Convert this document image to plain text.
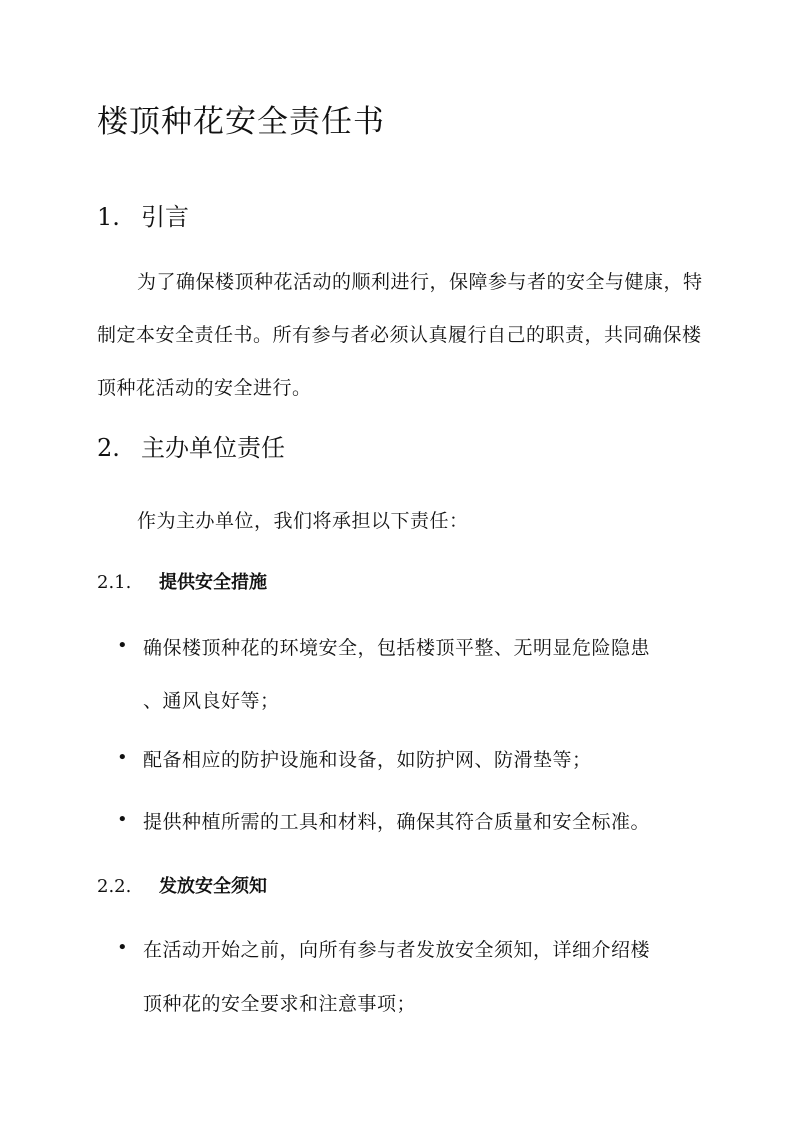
楼顶种花安全责任书
1. 引言

为了确保楼顶种花活动的顺利进行，保障参与者的安全与健康，特制定本安全责任书。所有参与者必须认真履行自己的职责，共同确保楼顶种花活动的安全进行。

2. 主办单位责任

作为主办单位，我们将承担以下责任：

2.1. 提供安全措施
• 确保楼顶种花的环境安全，包括楼顶平整、无明显危险隐患

、通风良好等；

• 配备相应的防护设施和设备，如防护网、防滑垫等；

• 提供种植所需的工具和材料，确保其符合质量和安全标准。

2.2. 发放安全须知
• 在活动开始之前，向所有参与者发放安全须知，详细介绍楼

顶种花的安全要求和注意事项；
